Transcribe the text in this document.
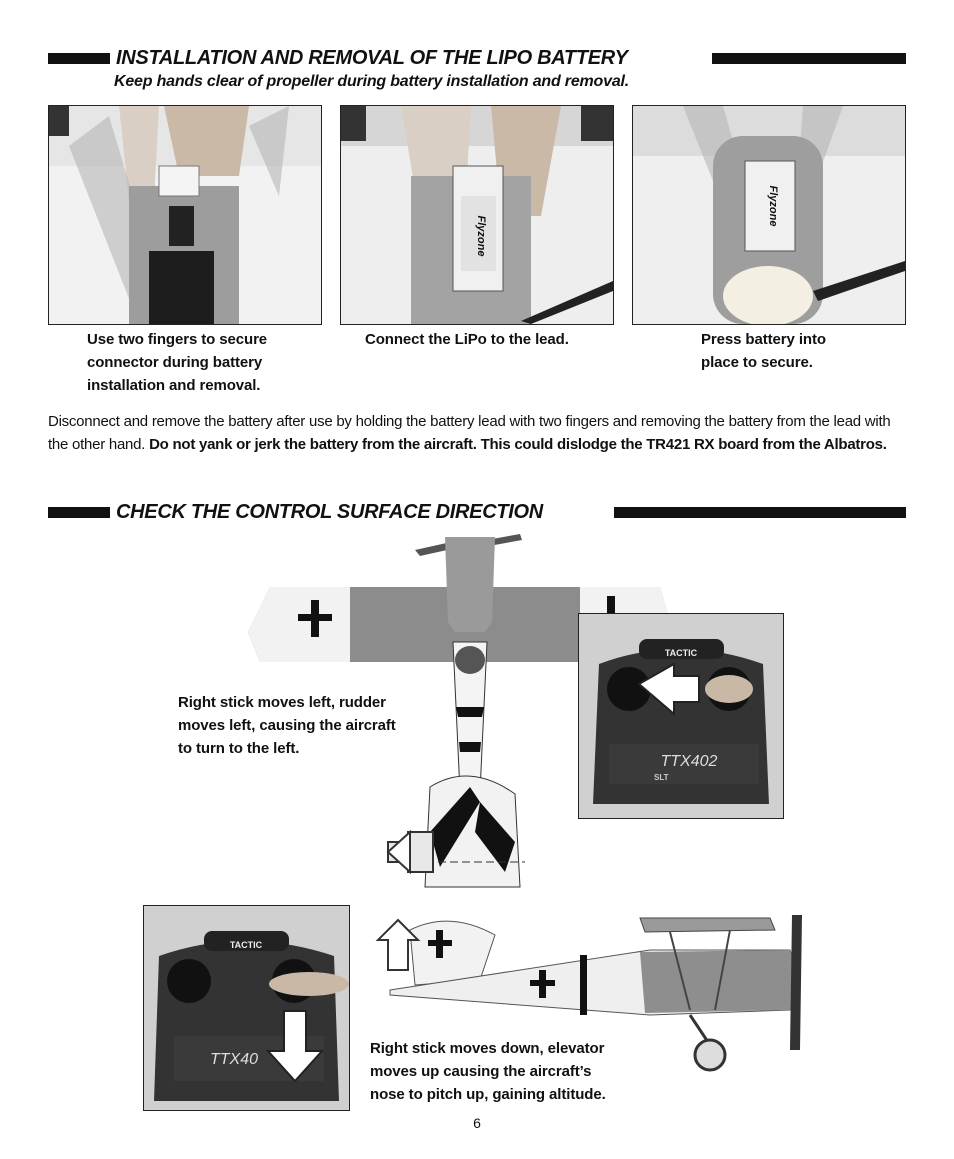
INSTALLATION AND REMOVAL OF THE LIPO BATTERY
Keep hands clear of propeller during battery installation and removal.
Flyzone
Flyzone
Use two fingers to secure
connector during battery
installation and removal.
Connect the LiPo to the lead.	Press battery into
place to secure.
Disconnect and remove the battery after use by holding the battery lead with two fingers and removing the battery from the lead with the other hand. Do not yank or jerk the battery from the aircraft. This could dislodge the TR421 RX board from the Albatros.
CHECK THE CONTROL SURFACE DIRECTION
Right stick moves left, rudder
moves left, causing the aircraft
to turn to the left.
TACTIC
TTX402
SLT
TACTIC
TTX40
Right stick moves down, elevator
moves up causing the aircraft’s
nose to pitch up, gaining altitude.
6
